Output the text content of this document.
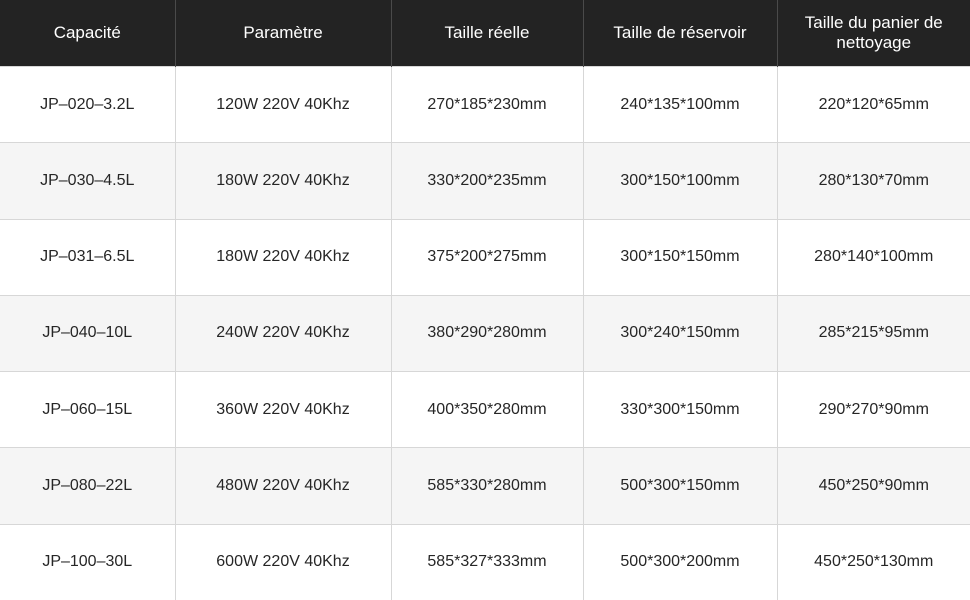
Capacité	Paramètre	Taille réelle	Taille de réservoir	Taille du panier de nettoyage
JP–020–3.2L	120W 220V 40Khz	270*185*230mm	240*135*100mm	220*120*65mm
JP–030–4.5L	180W 220V 40Khz	330*200*235mm	300*150*100mm	280*130*70mm
JP–031–6.5L	180W 220V 40Khz	375*200*275mm	300*150*150mm	280*140*100mm
JP–040–10L	240W 220V 40Khz	380*290*280mm	300*240*150mm	285*215*95mm
JP–060–15L	360W 220V 40Khz	400*350*280mm	330*300*150mm	290*270*90mm
JP–080–22L	480W 220V 40Khz	585*330*280mm	500*300*150mm	450*250*90mm
JP–100–30L	600W 220V 40Khz	585*327*333mm	500*300*200mm	450*250*130mm
